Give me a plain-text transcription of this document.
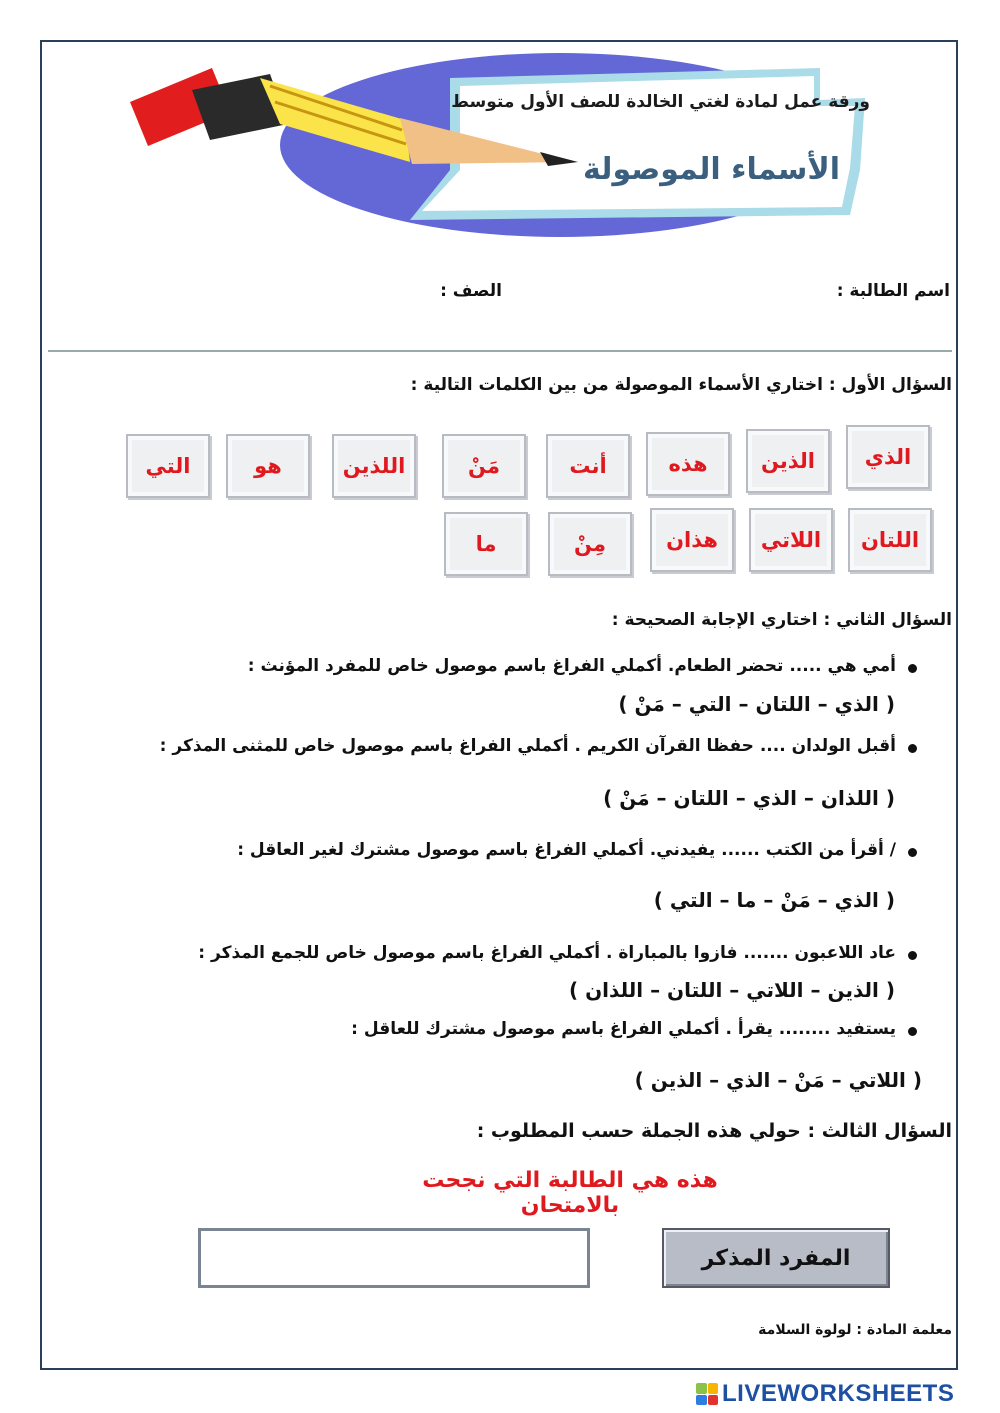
ورقة عمل لمادة لغتي الخالدة للصف الأول متوسط
الأسماء الموصولة
اسم الطالبة :
الصف :
السؤال الأول : اختاري الأسماء الموصولة من بين الكلمات التالية :
الذي
الذين
هذه
أنت
مَنْ
اللذين
هو
التي
اللتان
اللاتي
هذان
مِنْ
ما
السؤال الثاني : اختاري الإجابة الصحيحة :
أمي هي ..... تحضر الطعام. أكملي الفراغ باسم موصول خاص للمفرد المؤنث :
( الذي – اللتان – التي – مَنْ )
أقبل الولدان .... حفظا القرآن الكريم . أكملي الفراغ باسم موصول خاص للمثنى المذكر :
( اللذان – الذي – اللتان – مَنْ )
/ أقرأ من الكتب ...... يفيدني. أكملي الفراغ باسم موصول مشترك لغير العاقل :
( الذي – مَنْ – ما – التي )
عاد اللاعبون ....... فازوا بالمباراة . أكملي الفراغ باسم موصول خاص للجمع المذكر :
( الذين – اللاتي – اللتان – اللذان )
يستفيد ........ يقرأ . أكملي الفراغ باسم موصول مشترك للعاقل :
( اللاتي – مَنْ – الذي – الذين )
السؤال الثالث : حولي هذه الجملة حسب المطلوب :
هذه هي الطالبة التي نجحت بالامتحان
المفرد المذكر
معلمة المادة : لولوة السلامة
LIVEWORKSHEETS
